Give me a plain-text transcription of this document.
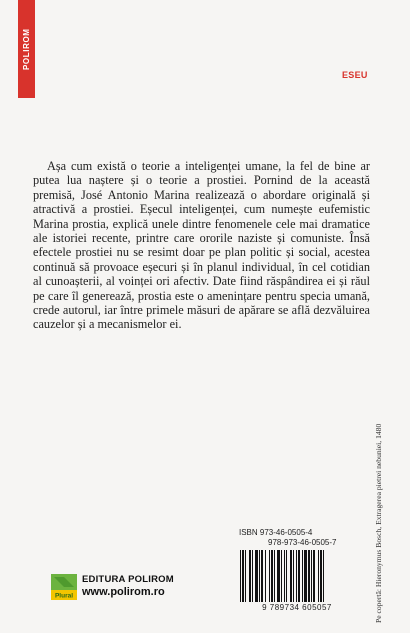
POLIROM
ESEU

Așa cum există o teorie a inteligenței umane, la fel de bine ar putea lua naștere și o teorie a prostiei. Pornind de la această premisă, José Antonio Marina realizează o abordare originală și atractivă a prostiei. Eșecul inteligenței, cum numește eufemistic Marina prostia, explică unele dintre fenomenele cele mai dramatice ale istoriei recente, printre care ororile naziste și comuniste. Însă efectele prostiei nu se resimt doar pe plan politic și social, acestea continuă să provoace eșecuri și în planul individual, în cel cotidian al cunoașterii, al voinței ori afectiv. Date fiind răspândirea ei și răul pe care îl generează, prostia este o amenințare pentru specia umană, crede autorul, iar între primele măsuri de apărare se află dezvăluirea cauzelor și a mecanismelor ei.

Pe copertă: Hieronymus Bosch, Extragerea pietrei nebuniei, 1480
ISBN 973-46-0505-4
978-973-46-0505-7
9 789734 605057
Plural
EDITURA POLIROM
www.polirom.ro
